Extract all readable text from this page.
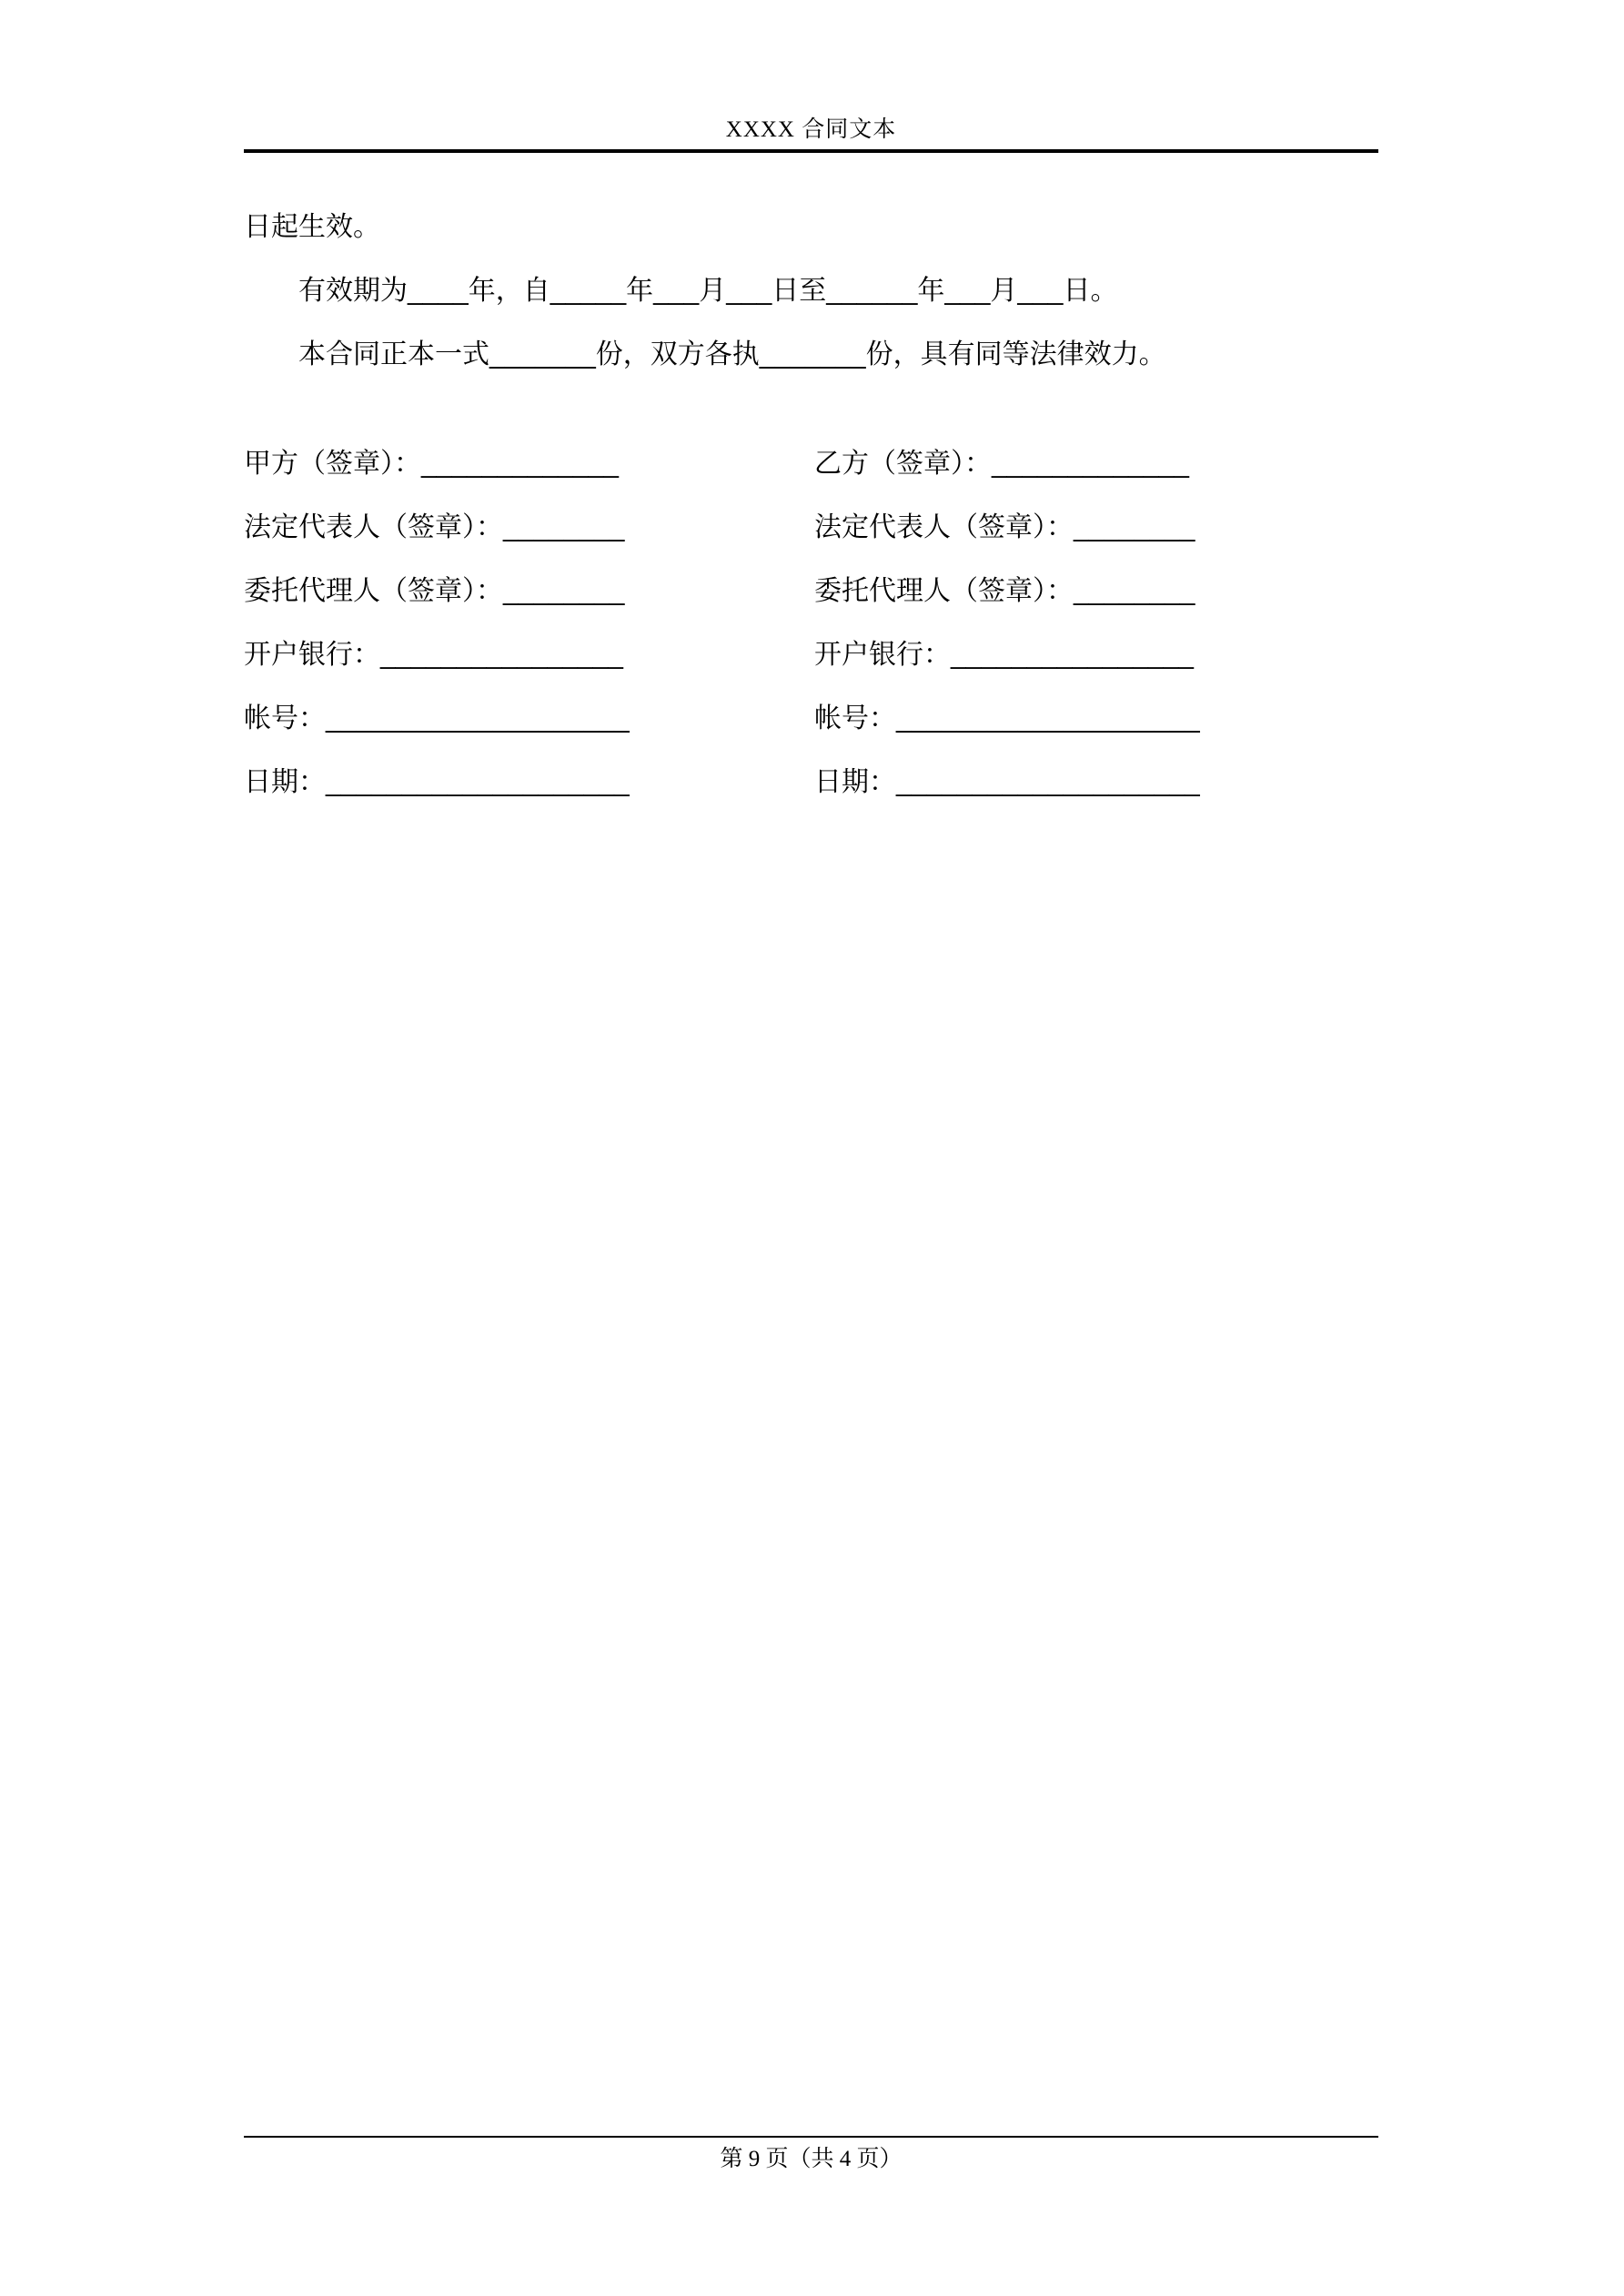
XXXX 合同文本

日起生效。

有效期为____年，自_____年___月___日至______年___月___日。

本合同正本一式_______份，双方各执_______份，具有同等法律效力。

甲方（签章）：_____________

法定代表人（签章）：________

委托代理人（签章）：________

开户银行：________________

帐号：____________________

日期：____________________

乙方（签章）：_____________

法定代表人（签章）：________

委托代理人（签章）：________

开户银行：________________

帐号：____________________

日期：____________________

第 9 页（共 4 页）
